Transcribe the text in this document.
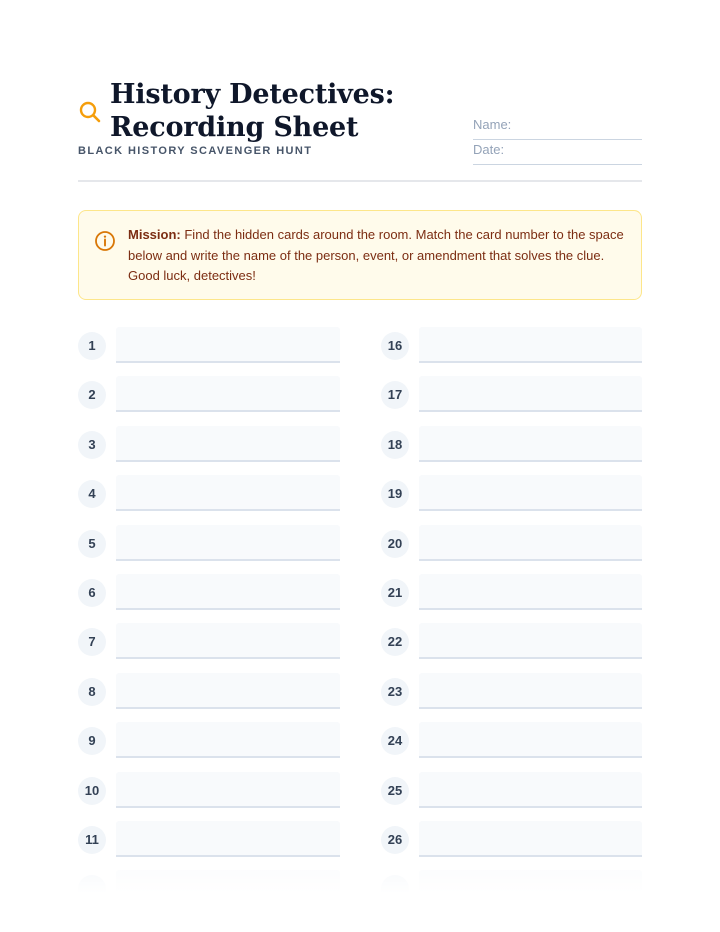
History Detectives:
Recording Sheet
BLACK HISTORY SCAVENGER HUNT
Name:
Date:
Mission: Find the hidden cards around the room. Match the card number to the space below and write the name of the person, event, or amendment that solves the clue. Good luck, detectives!
1
2
3
4
5
6
7
8
9
10
11
16
17
18
19
20
21
22
23
24
25
26
